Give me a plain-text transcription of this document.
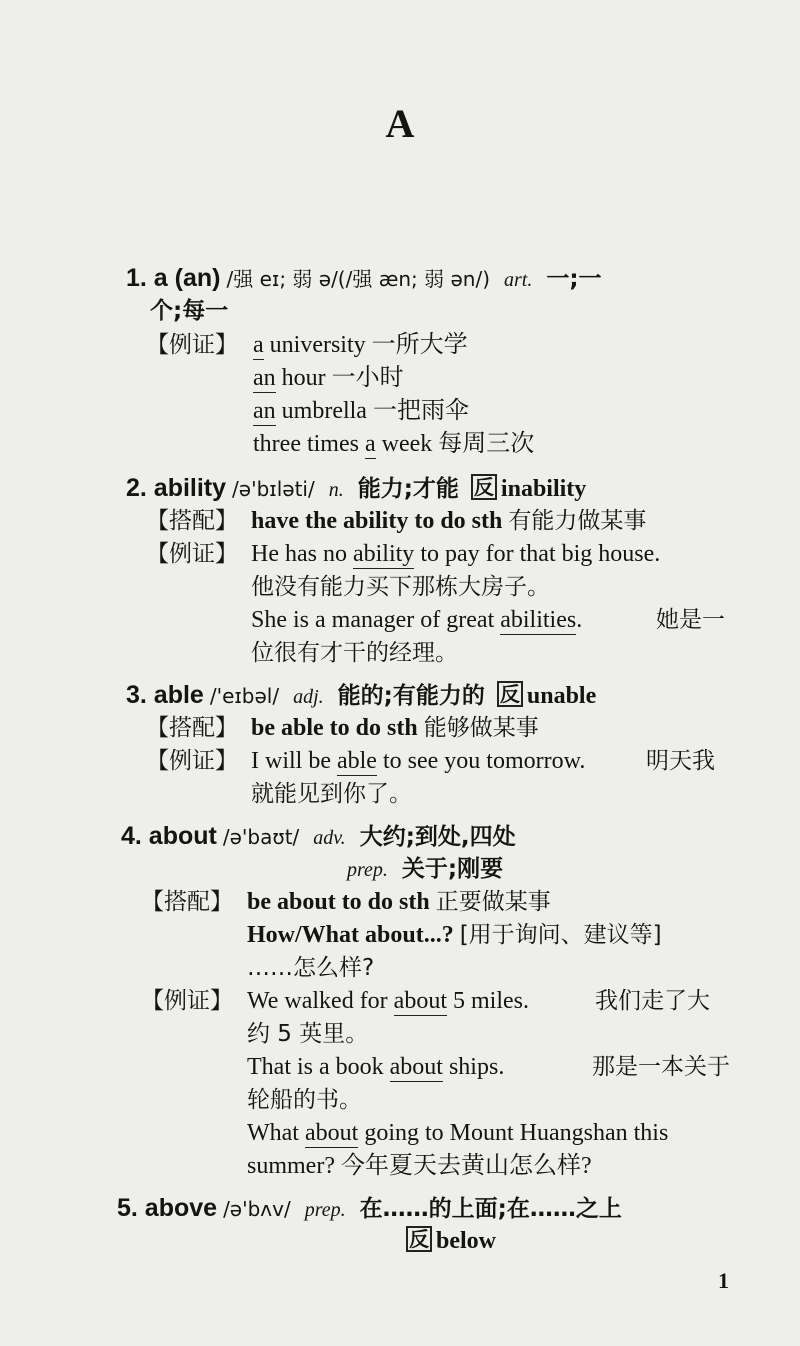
A
1. a (an) /强 eɪ; 弱 ə/(/强 æn; 弱 ən/) art. 一;一
个;每一
【例证】 a university 一所大学
an hour 一小时
an umbrella 一把雨伞
three times a week 每周三次
2. ability /ə'bɪləti/ n. 能力;才能 反 inability
【搭配】 have the ability to do sth 有能力做某事
【例证】 He has no ability to pay for that big house.
他没有能力买下那栋大房子。
She is a manager of great abilities.	她是一
位很有才干的经理。
3. able /'eɪbəl/ adj. 能的;有能力的 反 unable
【搭配】 be able to do sth 能够做某事
【例证】 I will be able to see you tomorrow.	明天我
就能见到你了。
4. about /ə'baʊt/ adv. 大约;到处,四处
prep. 关于;刚要
【搭配】 be about to do sth 正要做某事
How/What about...? [用于询问、建议等]
……怎么样?
【例证】 We walked for about 5 miles.	我们走了大
约 5 英里。
That is a book about ships.	那是一本关于
轮船的书。
What about going to Mount Huangshan this
summer? 今年夏天去黄山怎么样?
5. above /ə'bʌv/ prep. 在……的上面;在……之上
反 below
1
